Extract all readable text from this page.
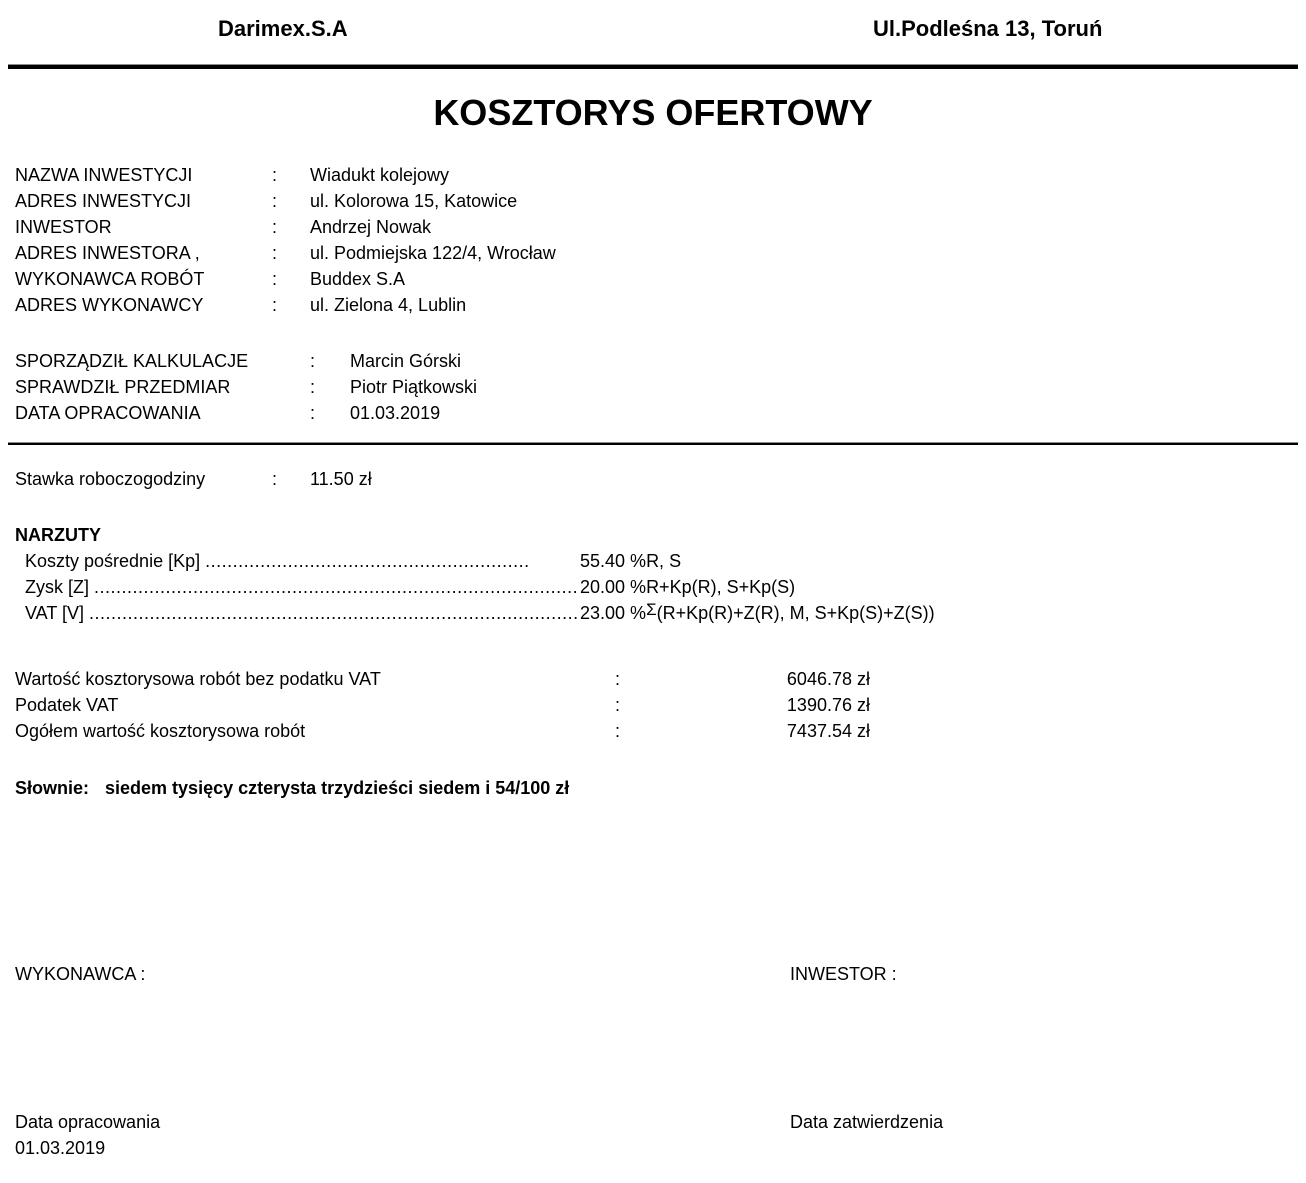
Darimex.S.A	Ul.Podleśna 13, Toruń
KOSZTORYS OFERTOWY
NAZWA INWESTYCJI	:	Wiadukt kolejowy
ADRES INWESTYCJI	:	ul. Kolorowa 15, Katowice
INWESTOR	:	Andrzej Nowak
ADRES INWESTORA ,	:	ul. Podmiejska 122/4, Wrocław
WYKONAWCA ROBÓT	:	Buddex S.A
ADRES WYKONAWCY	:	ul. Zielona 4, Lublin
SPORZĄDZIŁ KALKULACJE	:	Marcin Górski
SPRAWDZIŁ PRZEDMIAR	:	Piotr Piątkowski
DATA OPRACOWANIA	:	01.03.2019
Stawka roboczogodziny	:	11.50 zł
NARZUTY
Koszty pośrednie [Kp] ...........................................................	55.40 %R, S
Zysk [Z] ........................................................................................ 20.00 %R+Kp(R), S+Kp(S)
VAT [V] ......................................................................................... 23.00 %Σ(R+Kp(R)+Z(R), M, S+Kp(S)+Z(S))
Wartość kosztorysowa robót bez podatku VAT	:	6046.78 zł
Podatek VAT	:	1390.76 zł
Ogółem wartość kosztorysowa robót	:	7437.54 zł
Słownie: siedem tysięcy czterysta trzydzieści siedem i 54/100 zł
WYKONAWCA :	INWESTOR :
Data opracowania
01.03.2019
Data zatwierdzenia
